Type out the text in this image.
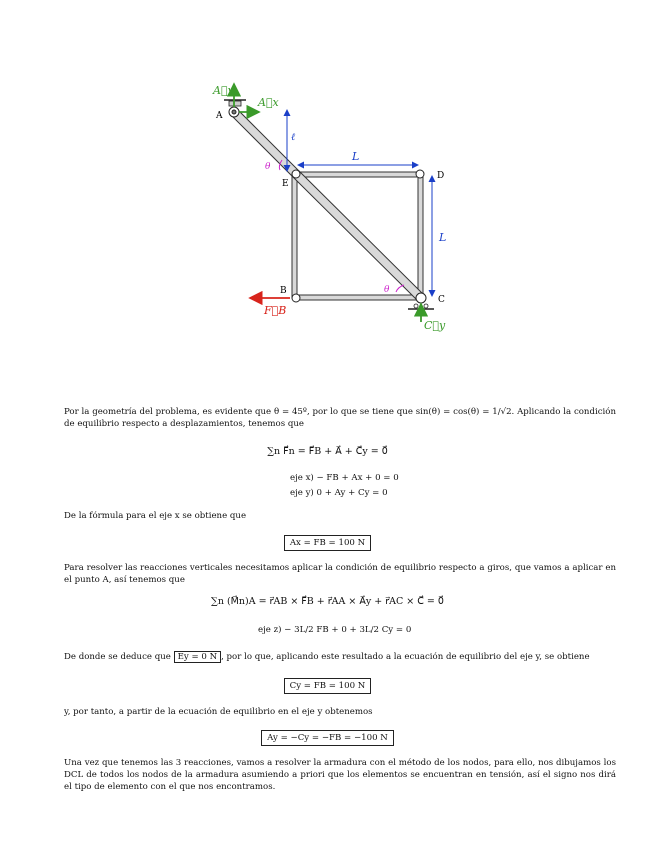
A⃗y
A⃗x
A
ℓ
θ
E
L
D
L
B	θ
C
F⃗B
C⃗y

Por la geometría del problema, es evidente que θ = 45º, por lo que se tiene que sin(θ) = cos(θ) = 1/√2. Aplicando la condición de equilibrio respecto a desplazamientos, tenemos que

∑n F⃗n = F⃗B + A⃗ + C⃗y = 0⃗
eje x) − FB + Ax + 0 = 0
eje y) 0 + Ay + Cy = 0

De la fórmula para el eje x se obtiene que

Ax = FB = 100 N

Para resolver las reacciones verticales necesitamos aplicar la condición de equilibrio respecto a giros, que vamos a aplicar en el punto A, así tenemos que

∑n (M⃗n)A = r⃗AB × F⃗B + r⃗AA × A⃗y + r⃗AC × C⃗ = 0⃗
eje z) − 3L/2 FB + 0 + 3L/2 Cy = 0

De donde se deduce que Ey = 0 N , por lo que, aplicando este resultado a la ecuación de equilibrio del eje y, se obtiene

Cy = FB = 100 N

y, por tanto, a partir de la ecuación de equilibrio en el eje y obtenemos

Ay = −Cy = −FB = −100 N

Una vez que tenemos las 3 reacciones, vamos a resolver la armadura con el método de los nodos, para ello, nos dibujamos los DCL de todos los nodos de la armadura asumiendo a priori que los elementos se encuentran en tensión, así el signo nos dirá el tipo de elemento con el que nos encontramos.
